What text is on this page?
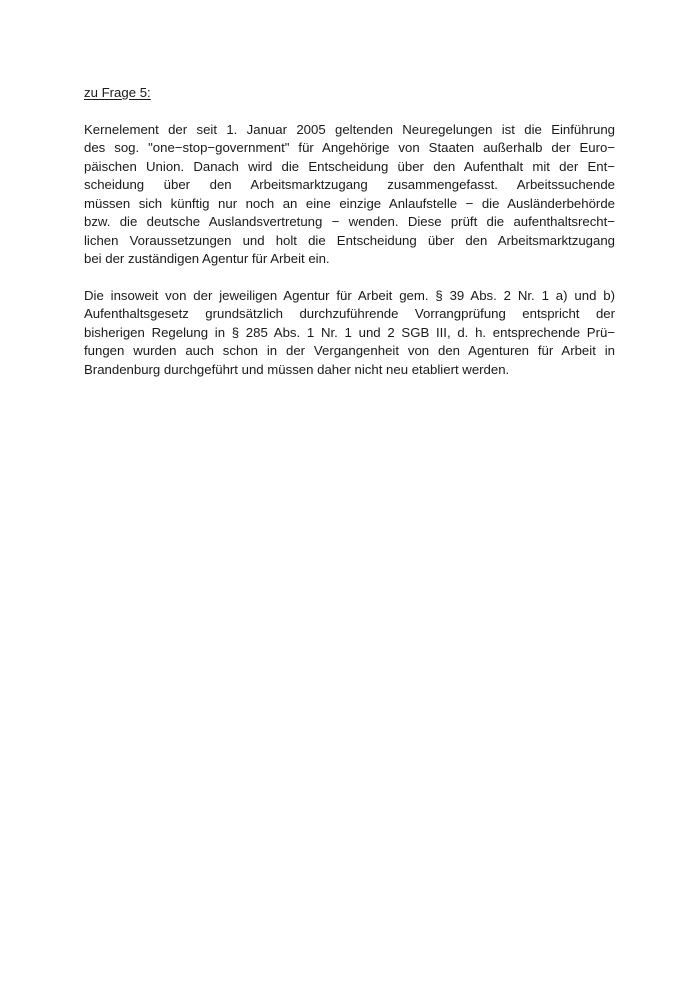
zu Frage 5:
Kernelement der seit 1. Januar 2005 geltenden Neuregelungen ist die Einführung
des sog. "one−stop−government" für Angehörige von Staaten außerhalb der Euro−
päischen Union. Danach wird die Entscheidung über den Aufenthalt mit der Ent−
scheidung über den Arbeitsmarktzugang zusammengefasst. Arbeitssuchende
müssen sich künftig nur noch an eine einzige Anlaufstelle − die Ausländerbehörde
bzw. die deutsche Auslandsvertretung − wenden. Diese prüft die aufenthaltsrecht−
lichen Voraussetzungen und holt die Entscheidung über den Arbeitsmarktzugang
bei der zuständigen Agentur für Arbeit ein.
Die insoweit von der jeweiligen Agentur für Arbeit gem. § 39 Abs. 2 Nr. 1 a) und b)
Aufenthaltsgesetz grundsätzlich durchzuführende Vorrangprüfung entspricht der
bisherigen Regelung in § 285 Abs. 1 Nr. 1 und 2 SGB III, d. h. entsprechende Prü−
fungen wurden auch schon in der Vergangenheit von den Agenturen für Arbeit in
Brandenburg durchgeführt und müssen daher nicht neu etabliert werden.
